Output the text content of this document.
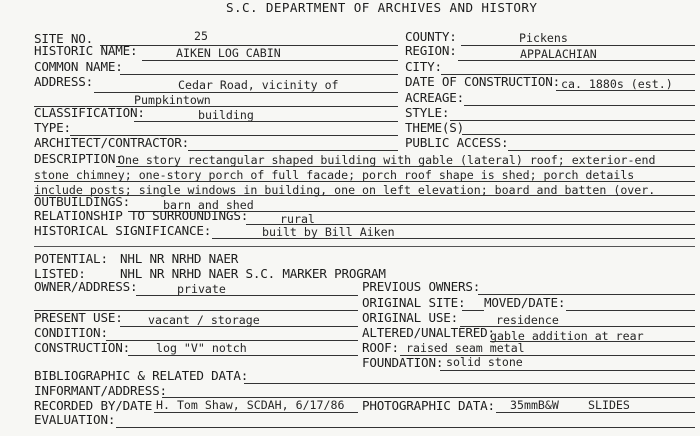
S.C. DEPARTMENT OF ARCHIVES AND HISTORY
SITE NO.	25	COUNTY:	Pickens
HISTORIC NAME:	AIKEN LOG CABIN	REGION:	APPALACHIAN
COMMON NAME:	CITY:
ADDRESS:	Cedar Road, vicinity of
Pumpkintown
DATE OF CONSTRUCTION: ca. 1880s (est.)
ACREAGE:
CLASSIFICATION:	building	STYLE:
TYPE:	THEME(S)
ARCHITECT/CONTRACTOR:	PUBLIC ACCESS:
DESCRIPTION:
One story rectangular shaped building with gable (lateral) roof; exterior-end
stone chimney; one-story porch of full facade; porch roof shape is shed; porch details
include posts; single windows in building, one on left elevation; board and batten (over.
OUTBUILDINGS:	barn and shed
RELATIONSHIP TO SURROUNDINGS:	rural
HISTORICAL SIGNIFICANCE:	built by Bill Aiken
POTENTIAL: NHL NR NRHD NAER
LISTED:	NHL NR NRHD NAER S.C. MARKER PROGRAM
OWNER/ADDRESS:	private	PREVIOUS OWNERS:
ORIGINAL SITE: MOVED/DATE:
PRESENT USE: vacant / storage	ORIGINAL USE:	residence
CONDITION:	ALTERED/UNALTERED:
gable addition at rear
CONSTRUCTION: log "V" notch	ROOF: raised seam metal
FOUNDATION: solid stone
BIBLIOGRAPHIC & RELATED DATA:
INFORMANT/ADDRESS:
RECORDED BY/DATE H. Tom Shaw, SCDAH, 6/17/86 PHOTOGRAPHIC DATA: 35mmB&W	SLIDES
EVALUATION:
